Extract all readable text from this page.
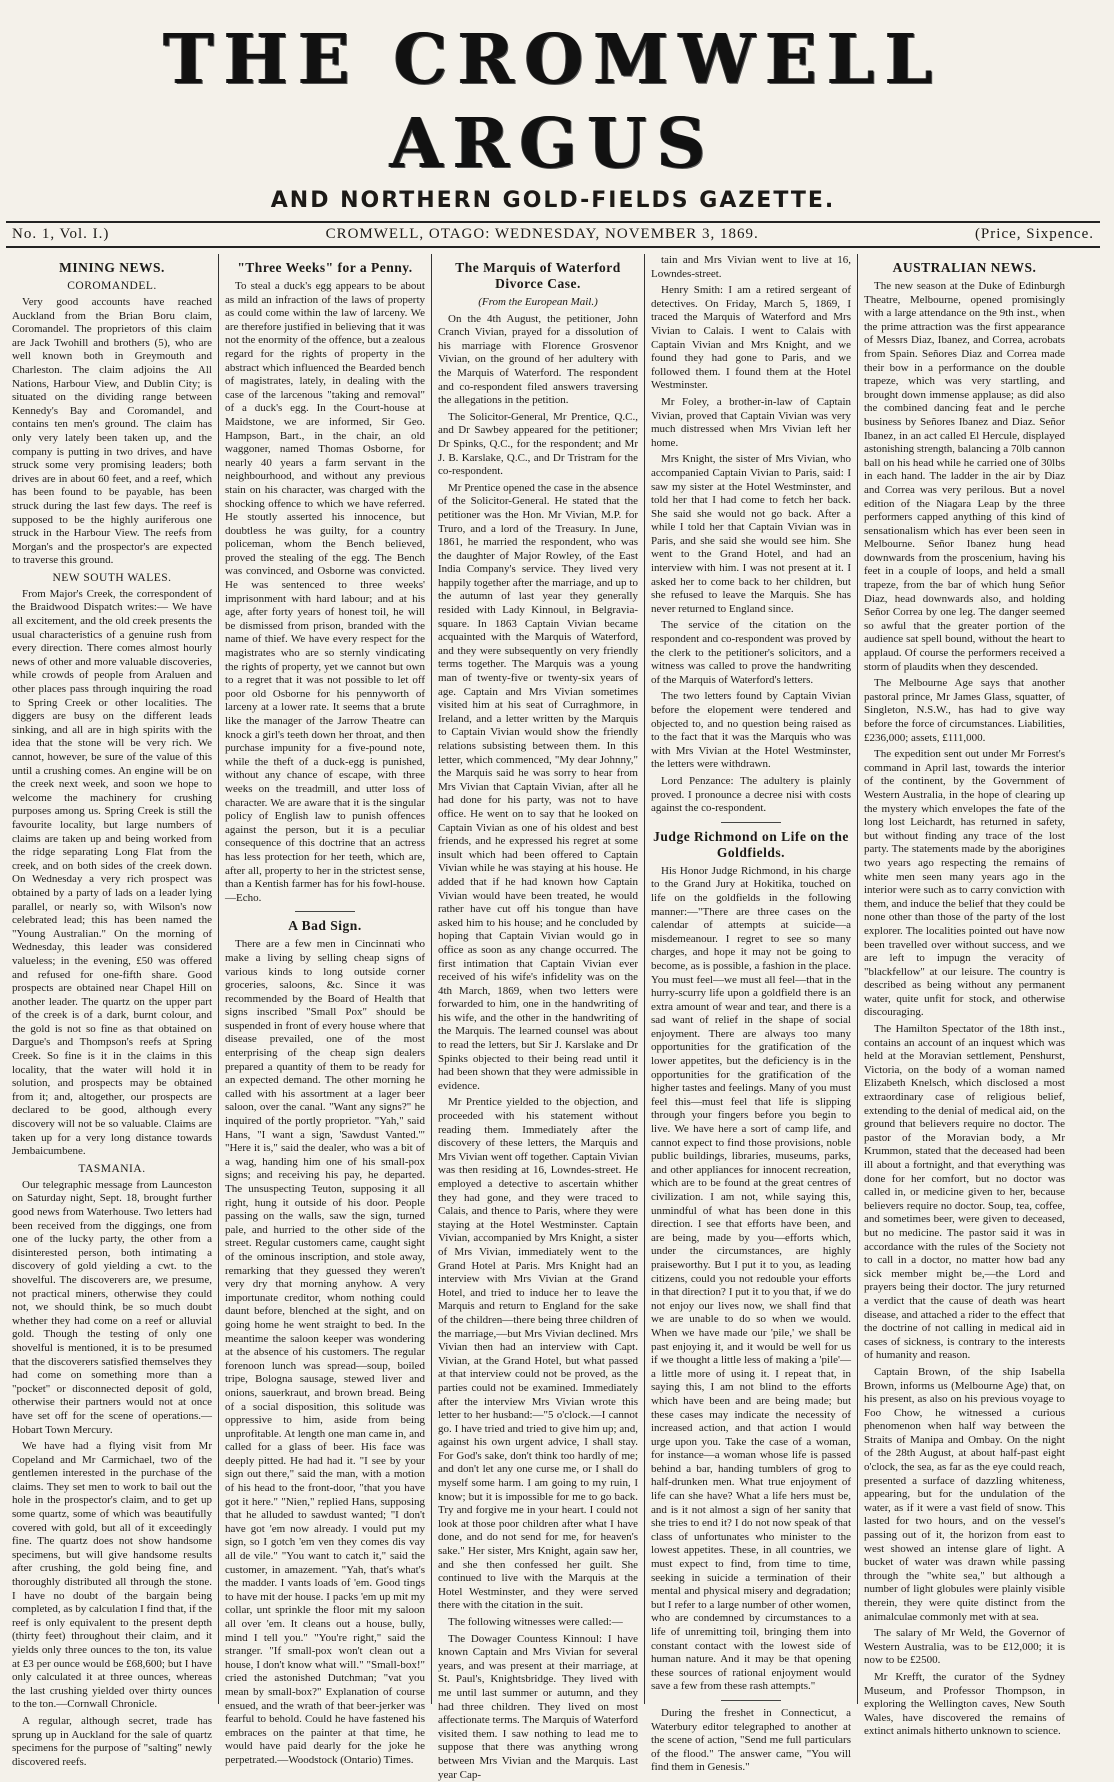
THE CROMWELL ARGUS
AND NORTHERN GOLD-FIELDS GAZETTE.
No. 1, Vol. I.)	CROMWELL, OTAGO: WEDNESDAY, NOVEMBER 3, 1869.	(Price, Sixpence.
MINING NEWS.
COROMANDEL.

Very good accounts have reached Auckland from the Brian Boru claim, Coromandel. The proprietors of this claim are Jack Twohill and brothers (5), who are well known both in Greymouth and Charleston. The claim adjoins the All Nations, Harbour View, and Dublin City; is situated on the dividing range between Kennedy's Bay and Coromandel, and contains ten men's ground. The claim has only very lately been taken up, and the company is putting in two drives, and have struck some very promising leaders; both drives are in about 60 feet, and a reef, which has been found to be payable, has been struck during the last few days. The reef is supposed to be the highly auriferous one struck in the Harbour View. The reefs from Morgan's and the prospector's are expected to traverse this ground.

NEW SOUTH WALES.

From Major's Creek, the correspondent of the Braidwood Dispatch writes:— We have all excitement, and the old creek presents the usual characteristics of a genuine rush from every direction. There comes almost hourly news of other and more valuable discoveries, while crowds of people from Araluen and other places pass through inquiring the road to Spring Creek or other localities. The diggers are busy on the different leads sinking, and all are in high spirits with the idea that the stone will be very rich. We cannot, however, be sure of the value of this until a crushing comes. An engine will be on the creek next week, and soon we hope to welcome the machinery for crushing purposes among us. Spring Creek is still the favourite locality, but large numbers of claims are taken up and being worked from the ridge separating Long Flat from the creek, and on both sides of the creek down. On Wednesday a very rich prospect was obtained by a party of lads on a leader lying parallel, or nearly so, with Wilson's now celebrated lead; this has been named the "Young Australian." On the morning of Wednesday, this leader was considered valueless; in the evening, £50 was offered and refused for one-fifth share. Good prospects are obtained near Chapel Hill on another leader. The quartz on the upper part of the creek is of a dark, burnt colour, and the gold is not so fine as that obtained on Dargue's and Thompson's reefs at Spring Creek. So fine is it in the claims in this locality, that the water will hold it in solution, and prospects may be obtained from it; and, altogether, our prospects are declared to be good, although every discovery will not be so valuable. Claims are taken up for a very long distance towards Jembaicumbene.

TASMANIA.

Our telegraphic message from Launceston on Saturday night, Sept. 18, brought further good news from Waterhouse. Two letters had been received from the diggings, one from one of the lucky party, the other from a disinterested person, both intimating a discovery of gold yielding a cwt. to the shovelful. The discoverers are, we presume, not practical miners, otherwise they could not, we should think, be so much doubt whether they had come on a reef or alluvial gold. Though the testing of only one shovelful is mentioned, it is to be presumed that the discoverers satisfied themselves they had come on something more than a "pocket" or disconnected deposit of gold, otherwise their partners would not at once have set off for the scene of operations.—Hobart Town Mercury.

We have had a flying visit from Mr Copeland and Mr Carmichael, two of the gentlemen interested in the purchase of the claims. They set men to work to bail out the hole in the prospector's claim, and to get up some quartz, some of which was beautifully covered with gold, but all of it exceedingly fine. The quartz does not show handsome specimens, but will give handsome results after crushing, the gold being fine, and thoroughly distributed all through the stone. I have no doubt of the bargain being completed, as by calculation I find that, if the reef is only equivalent to the present depth (thirty feet) throughout their claim, and it yields only three ounces to the ton, its value at £3 per ounce would be £68,600; but I have only calculated it at three ounces, whereas the last crushing yielded over thirty ounces to the ton.—Cornwall Chronicle.

A regular, although secret, trade has sprung up in Auckland for the sale of quartz specimens for the purpose of "salting" newly discovered reefs.

"Three Weeks" for a Penny.

To steal a duck's egg appears to be about as mild an infraction of the laws of property as could come within the law of larceny. We are therefore justified in believing that it was not the enormity of the offence, but a zealous regard for the rights of property in the abstract which influenced the Bearded bench of magistrates, lately, in dealing with the case of the larcenous "taking and removal" of a duck's egg. In the Court-house at Maidstone, we are informed, Sir Geo. Hampson, Bart., in the chair, an old waggoner, named Thomas Osborne, for nearly 40 years a farm servant in the neighbourhood, and without any previous stain on his character, was charged with the shocking offence to which we have referred. He stoutly asserted his innocence, but doubtless he was guilty, for a country policeman, whom the Bench believed, proved the stealing of the egg. The Bench was convinced, and Osborne was convicted. He was sentenced to three weeks' imprisonment with hard labour; and at his age, after forty years of honest toil, he will be dismissed from prison, branded with the name of thief. We have every respect for the magistrates who are so sternly vindicating the rights of property, yet we cannot but own to a regret that it was not possible to let off poor old Osborne for his pennyworth of larceny at a lower rate. It seems that a brute like the manager of the Jarrow Theatre can knock a girl's teeth down her throat, and then purchase impunity for a five-pound note, while the theft of a duck-egg is punished, without any chance of escape, with three weeks on the treadmill, and utter loss of character. We are aware that it is the singular policy of English law to punish offences against the person, but it is a peculiar consequence of this doctrine that an actress has less protection for her teeth, which are, after all, property to her in the strictest sense, than a Kentish farmer has for his fowl-house.—Echo.

A Bad Sign.

There are a few men in Cincinnati who make a living by selling cheap signs of various kinds to long outside corner groceries, saloons, &c. Since it was recommended by the Board of Health that signs inscribed "Small Pox" should be suspended in front of every house where that disease prevailed, one of the most enterprising of the cheap sign dealers prepared a quantity of them to be ready for an expected demand. The other morning he called with his assortment at a lager beer saloon, over the canal. "Want any signs?" he inquired of the portly proprietor. "Yah," said Hans, "I want a sign, 'Sawdust Vanted.'" "Here it is," said the dealer, who was a bit of a wag, handing him one of his small-pox signs; and receiving his pay, he departed. The unsuspecting Teuton, supposing it all right, hung it outside of his door. People passing on the walls, saw the sign, turned pale, and hurried to the other side of the street. Regular customers came, caught sight of the ominous inscription, and stole away, remarking that they guessed they weren't very dry that morning anyhow. A very importunate creditor, whom nothing could daunt before, blenched at the sight, and on going home he went straight to bed. In the meantime the saloon keeper was wondering at the absence of his customers. The regular forenoon lunch was spread—soup, boiled tripe, Bologna sausage, stewed liver and onions, sauerkraut, and brown bread. Being of a social disposition, this solitude was oppressive to him, aside from being unprofitable. At length one man came in, and called for a glass of beer. His face was deeply pitted. He had had it. "I see by your sign out there," said the man, with a motion of his head to the front-door, "that you have got it here." "Nien," replied Hans, supposing that he alluded to sawdust wanted; "I don't have got 'em now already. I vould put my sign, so I gotch 'em ven they comes dis vay all de vile." "You want to catch it," said the customer, in amazement. "Yah, that's what's the madder. I vants loads of 'em. Good tings to have mit der house. I packs 'em up mit my collar, unt sprinkle the floor mit my saloon all over 'em. It cleans out a house, bully, mind I tell you." "You're right," said the stranger. "If small-pox won't clean out a house, I don't know what will." "Small-box!" cried the astonished Dutchman; "vat you mean by small-box?" Explanation of course ensued, and the wrath of that beer-jerker was fearful to behold. Could he have fastened his embraces on the painter at that time, he would have paid dearly for the joke he perpetrated.—Woodstock (Ontario) Times.

The Marquis of Waterford Divorce Case.

(From the European Mail.)

On the 4th August, the petitioner, John Cranch Vivian, prayed for a dissolution of his marriage with Florence Grosvenor Vivian, on the ground of her adultery with the Marquis of Waterford. The respondent and co-respondent filed answers traversing the allegations in the petition.

The Solicitor-General, Mr Prentice, Q.C., and Dr Sawbey appeared for the petitioner; Dr Spinks, Q.C., for the respondent; and Mr J. B. Karslake, Q.C., and Dr Tristram for the co-respondent.

Mr Prentice opened the case in the absence of the Solicitor-General. He stated that the petitioner was the Hon. Mr Vivian, M.P. for Truro, and a lord of the Treasury. In June, 1861, he married the respondent, who was the daughter of Major Rowley, of the East India Company's service. They lived very happily together after the marriage, and up to the autumn of last year they generally resided with Lady Kinnoul, in Belgravia-square. In 1863 Captain Vivian became acquainted with the Marquis of Waterford, and they were subsequently on very friendly terms together. The Marquis was a young man of twenty-five or twenty-six years of age. Captain and Mrs Vivian sometimes visited him at his seat of Curraghmore, in Ireland, and a letter written by the Marquis to Captain Vivian would show the friendly relations subsisting between them. In this letter, which commenced, "My dear Johnny," the Marquis said he was sorry to hear from Mrs Vivian that Captain Vivian, after all he had done for his party, was not to have office. He went on to say that he looked on Captain Vivian as one of his oldest and best friends, and he expressed his regret at some insult which had been offered to Captain Vivian while he was staying at his house. He added that if he had known how Captain Vivian would have been treated, he would rather have cut off his tongue than have asked him to his house; and he concluded by hoping that Captain Vivian would go in office as soon as any change occurred. The first intimation that Captain Vivian ever received of his wife's infidelity was on the 4th March, 1869, when two letters were forwarded to him, one in the handwriting of his wife, and the other in the handwriting of the Marquis. The learned counsel was about to read the letters, but Sir J. Karslake and Dr Spinks objected to their being read until it had been shown that they were admissible in evidence.

Mr Prentice yielded to the objection, and proceeded with his statement without reading them. Immediately after the discovery of these letters, the Marquis and Mrs Vivian went off together. Captain Vivian was then residing at 16, Lowndes-street. He employed a detective to ascertain whither they had gone, and they were traced to Calais, and thence to Paris, where they were staying at the Hotel Westminster. Captain Vivian, accompanied by Mrs Knight, a sister of Mrs Vivian, immediately went to the Grand Hotel at Paris. Mrs Knight had an interview with Mrs Vivian at the Grand Hotel, and tried to induce her to leave the Marquis and return to England for the sake of the children—there being three children of the marriage,—but Mrs Vivian declined. Mrs Vivian then had an interview with Capt. Vivian, at the Grand Hotel, but what passed at that interview could not be proved, as the parties could not be examined. Immediately after the interview Mrs Vivian wrote this letter to her husband:—"5 o'clock.—I cannot go. I have tried and tried to give him up; and, against his own urgent advice, I shall stay. For God's sake, don't think too hardly of me; and don't let any one curse me, or I shall do myself some harm. I am going to my ruin, I know; but it is impossible for me to go back. Try and forgive me in your heart. I could not look at those poor children after what I have done, and do not send for me, for heaven's sake." Her sister, Mrs Knight, again saw her, and she then confessed her guilt. She continued to live with the Marquis at the Hotel Westminster, and they were served there with the citation in the suit.

The following witnesses were called:—

The Dowager Countess Kinnoul: I have known Captain and Mrs Vivian for several years, and was present at their marriage, at St. Paul's, Knightsbridge. They lived with me until last summer or autumn, and they had three children. They lived on most affectionate terms. The Marquis of Waterford visited them. I saw nothing to lead me to suppose that there was anything wrong between Mrs Vivian and the Marquis. Last year Cap-

tain and Mrs Vivian went to live at 16, Lowndes-street.

Henry Smith: I am a retired sergeant of detectives. On Friday, March 5, 1869, I traced the Marquis of Waterford and Mrs Vivian to Calais. I went to Calais with Captain Vivian and Mrs Knight, and we found they had gone to Paris, and we followed them. I found them at the Hotel Westminster.

Mr Foley, a brother-in-law of Captain Vivian, proved that Captain Vivian was very much distressed when Mrs Vivian left her home.

Mrs Knight, the sister of Mrs Vivian, who accompanied Captain Vivian to Paris, said: I saw my sister at the Hotel Westminster, and told her that I had come to fetch her back. She said she would not go back. After a while I told her that Captain Vivian was in Paris, and she said she would see him. She went to the Grand Hotel, and had an interview with him. I was not present at it. I asked her to come back to her children, but she refused to leave the Marquis. She has never returned to England since.

The service of the citation on the respondent and co-respondent was proved by the clerk to the petitioner's solicitors, and a witness was called to prove the handwriting of the Marquis of Waterford's letters.

The two letters found by Captain Vivian before the elopement were tendered and objected to, and no question being raised as to the fact that it was the Marquis who was with Mrs Vivian at the Hotel Westminster, the letters were withdrawn.

Lord Penzance: The adultery is plainly proved. I pronounce a decree nisi with costs against the co-respondent.

Judge Richmond on Life on the Goldfields.

His Honor Judge Richmond, in his charge to the Grand Jury at Hokitika, touched on life on the goldfields in the following manner:—"There are three cases on the calendar of attempts at suicide—a misdemeanour. I regret to see so many charges, and hope it may not be going to become, as is possible, a fashion in the place. You must feel—we must all feel—that in the hurry-scurry life upon a goldfield there is an extra amount of wear and tear, and there is a sad want of relief in the shape of social enjoyment. There are always too many opportunities for the gratification of the lower appetites, but the deficiency is in the opportunities for the gratification of the higher tastes and feelings. Many of you must feel this—must feel that life is slipping through your fingers before you begin to live. We have here a sort of camp life, and cannot expect to find those provisions, noble public buildings, libraries, museums, parks, and other appliances for innocent recreation, which are to be found at the great centres of civilization. I am not, while saying this, unmindful of what has been done in this direction. I see that efforts have been, and are being, made by you—efforts which, under the circumstances, are highly praiseworthy. But I put it to you, as leading citizens, could you not redouble your efforts in that direction? I put it to you that, if we do not enjoy our lives now, we shall find that we are unable to do so when we would. When we have made our 'pile,' we shall be past enjoying it, and it would be well for us if we thought a little less of making a 'pile'—a little more of using it. I repeat that, in saying this, I am not blind to the efforts which have been and are being made; but these cases may indicate the necessity of increased action, and that action I would urge upon you. Take the case of a woman, for instance—a woman whose life is passed behind a bar, handing tumblers of grog to half-drunken men. What true enjoyment of life can she have? What a life hers must be, and is it not almost a sign of her sanity that she tries to end it? I do not now speak of that class of unfortunates who minister to the lowest appetites. These, in all countries, we must expect to find, from time to time, seeking in suicide a termination of their mental and physical misery and degradation; but I refer to a large number of other women, who are condemned by circumstances to a life of unremitting toil, bringing them into constant contact with the lowest side of human nature. And it may be that opening these sources of rational enjoyment would save a few from these rash attempts."

During the freshet in Connecticut, a Waterbury editor telegraphed to another at the scene of action, "Send me full particulars of the flood." The answer came, "You will find them in Genesis."

AUSTRALIAN NEWS.

The new season at the Duke of Edinburgh Theatre, Melbourne, opened promisingly with a large attendance on the 9th inst., when the prime attraction was the first appearance of Messrs Diaz, Ibanez, and Correa, acrobats from Spain. Señores Diaz and Correa made their bow in a performance on the double trapeze, which was very startling, and brought down immense applause; as did also the combined dancing feat and le perche business by Señores Ibanez and Diaz. Señor Ibanez, in an act called El Hercule, displayed astonishing strength, balancing a 70lb cannon ball on his head while he carried one of 30lbs in each hand. The ladder in the air by Diaz and Correa was very perilous. But a novel edition of the Niagara Leap by the three performers capped anything of this kind of sensationalism which has ever been seen in Melbourne. Señor Ibanez hung head downwards from the proscenium, having his feet in a couple of loops, and held a small trapeze, from the bar of which hung Señor Diaz, head downwards also, and holding Señor Correa by one leg. The danger seemed so awful that the greater portion of the audience sat spell bound, without the heart to applaud. Of course the performers received a storm of plaudits when they descended.

The Melbourne Age says that another pastoral prince, Mr James Glass, squatter, of Singleton, N.S.W., has had to give way before the force of circumstances. Liabilities, £236,000; assets, £111,000.

The expedition sent out under Mr Forrest's command in April last, towards the interior of the continent, by the Government of Western Australia, in the hope of clearing up the mystery which envelopes the fate of the long lost Leichardt, has returned in safety, but without finding any trace of the lost party. The statements made by the aborigines two years ago respecting the remains of white men seen many years ago in the interior were such as to carry conviction with them, and induce the belief that they could be none other than those of the party of the lost explorer. The localities pointed out have now been travelled over without success, and we are left to impugn the veracity of "blackfellow" at our leisure. The country is described as being without any permanent water, quite unfit for stock, and otherwise discouraging.

The Hamilton Spectator of the 18th inst., contains an account of an inquest which was held at the Moravian settlement, Penshurst, Victoria, on the body of a woman named Elizabeth Knelsch, which disclosed a most extraordinary case of religious belief, extending to the denial of medical aid, on the ground that believers require no doctor. The pastor of the Moravian body, a Mr Krummon, stated that the deceased had been ill about a fortnight, and that everything was done for her comfort, but no doctor was called in, or medicine given to her, because believers require no doctor. Soup, tea, coffee, and sometimes beer, were given to deceased, but no medicine. The pastor said it was in accordance with the rules of the Society not to call in a doctor, no matter how bad any sick member might be,—the Lord and prayers being their doctor. The jury returned a verdict that the cause of death was heart disease, and attached a rider to the effect that the doctrine of not calling in medical aid in cases of sickness, is contrary to the interests of humanity and reason.

Captain Brown, of the ship Isabella Brown, informs us (Melbourne Age) that, on his present, as also on his previous voyage to Foo Chow, he witnessed a curious phenomenon when half way between the Straits of Manipa and Ombay. On the night of the 28th August, at about half-past eight o'clock, the sea, as far as the eye could reach, presented a surface of dazzling whiteness, appearing, but for the undulation of the water, as if it were a vast field of snow. This lasted for two hours, and on the vessel's passing out of it, the horizon from east to west showed an intense glare of light. A bucket of water was drawn while passing through the "white sea," but although a number of light globules were plainly visible therein, they were quite distinct from the animalculae commonly met with at sea.

The salary of Mr Weld, the Governor of Western Australia, was to be £12,000; it is now to be £2500.

Mr Krefft, the curator of the Sydney Museum, and Professor Thompson, in exploring the Wellington caves, New South Wales, have discovered the remains of extinct animals hitherto unknown to science.
